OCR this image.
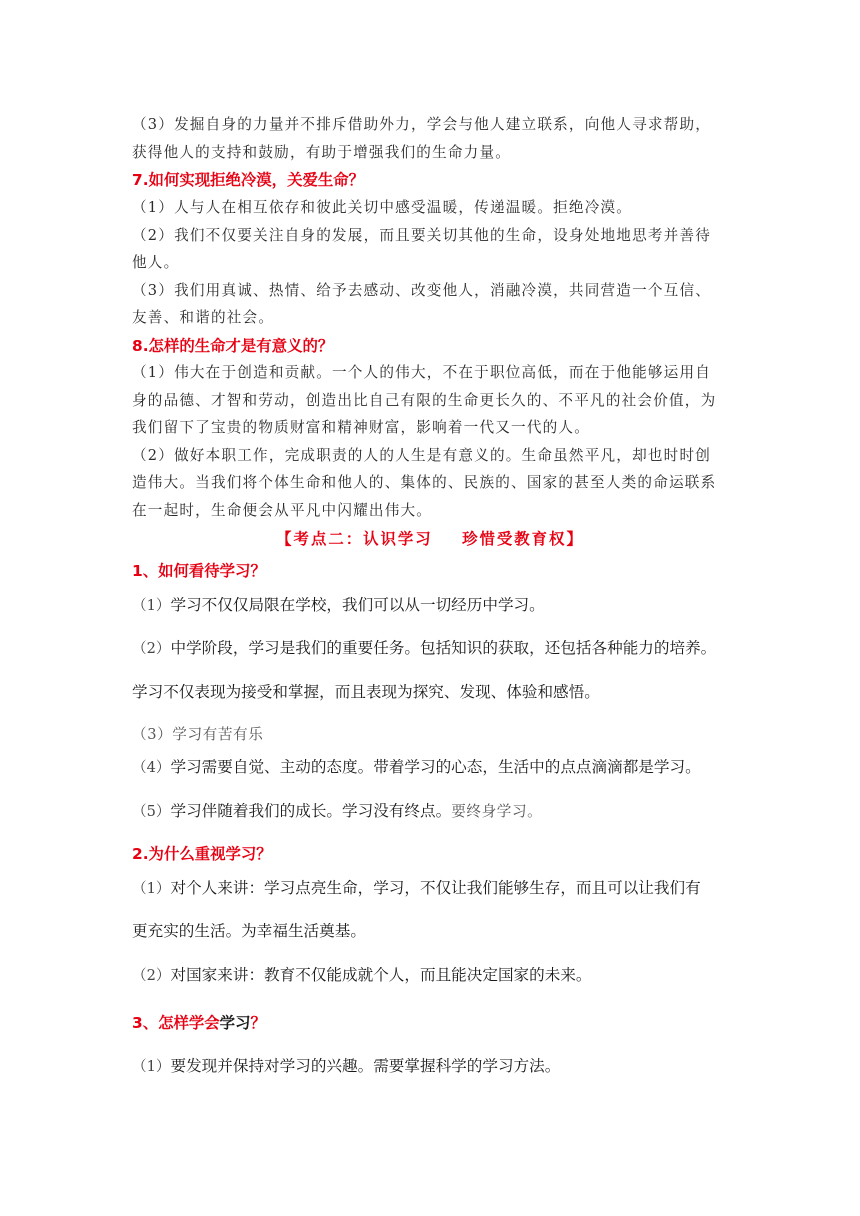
（3）发掘自身的力量并不排斥借助外力，学会与他人建立联系，向他人寻求帮助，

获得他人的支持和鼓励，有助于增强我们的生命力量。

7.如何实现拒绝冷漠，关爱生命？

（1）人与人在相互依存和彼此关切中感受温暖，传递温暖。拒绝冷漠。

（2）我们不仅要关注自身的发展，而且要关切其他的生命，设身处地地思考并善待

他人。

（3）我们用真诚、热情、给予去感动、改变他人，消融冷漠，共同营造一个互信、

友善、和谐的社会。

8.怎样的生命才是有意义的？

（1）伟大在于创造和贡献。一个人的伟大，不在于职位高低，而在于他能够运用自

身的品德、才智和劳动，创造出比自己有限的生命更长久的、不平凡的社会价值，为

我们留下了宝贵的物质财富和精神财富，影响着一代又一代的人。

（2）做好本职工作，完成职责的人的人生是有意义的。生命虽然平凡，却也时时创

造伟大。当我们将个体生命和他人的、集体的、民族的、国家的甚至人类的命运联系

在一起时，生命便会从平凡中闪耀出伟大。

【考点二：认识学习    珍惜受教育权】

1、如何看待学习？

（1）学习不仅仅局限在学校，我们可以从一切经历中学习。

（2）中学阶段，学习是我们的重要任务。包括知识的获取，还包括各种能力的培养。

学习不仅表现为接受和掌握，而且表现为探究、发现、体验和感悟。

（3）学习有苦有乐

（4）学习需要自觉、主动的态度。带着学习的心态，生活中的点点滴滴都是学习。

（5）学习伴随着我们的成长。学习没有终点。要终身学习。

2.为什么重视学习？

（1）对个人来讲：学习点亮生命，学习，不仅让我们能够生存，而且可以让我们有

更充实的生活。为幸福生活奠基。

（2）对国家来讲：教育不仅能成就个人，而且能决定国家的未来。

3、怎样学会学习？

（1）要发现并保持对学习的兴趣。需要掌握科学的学习方法。
